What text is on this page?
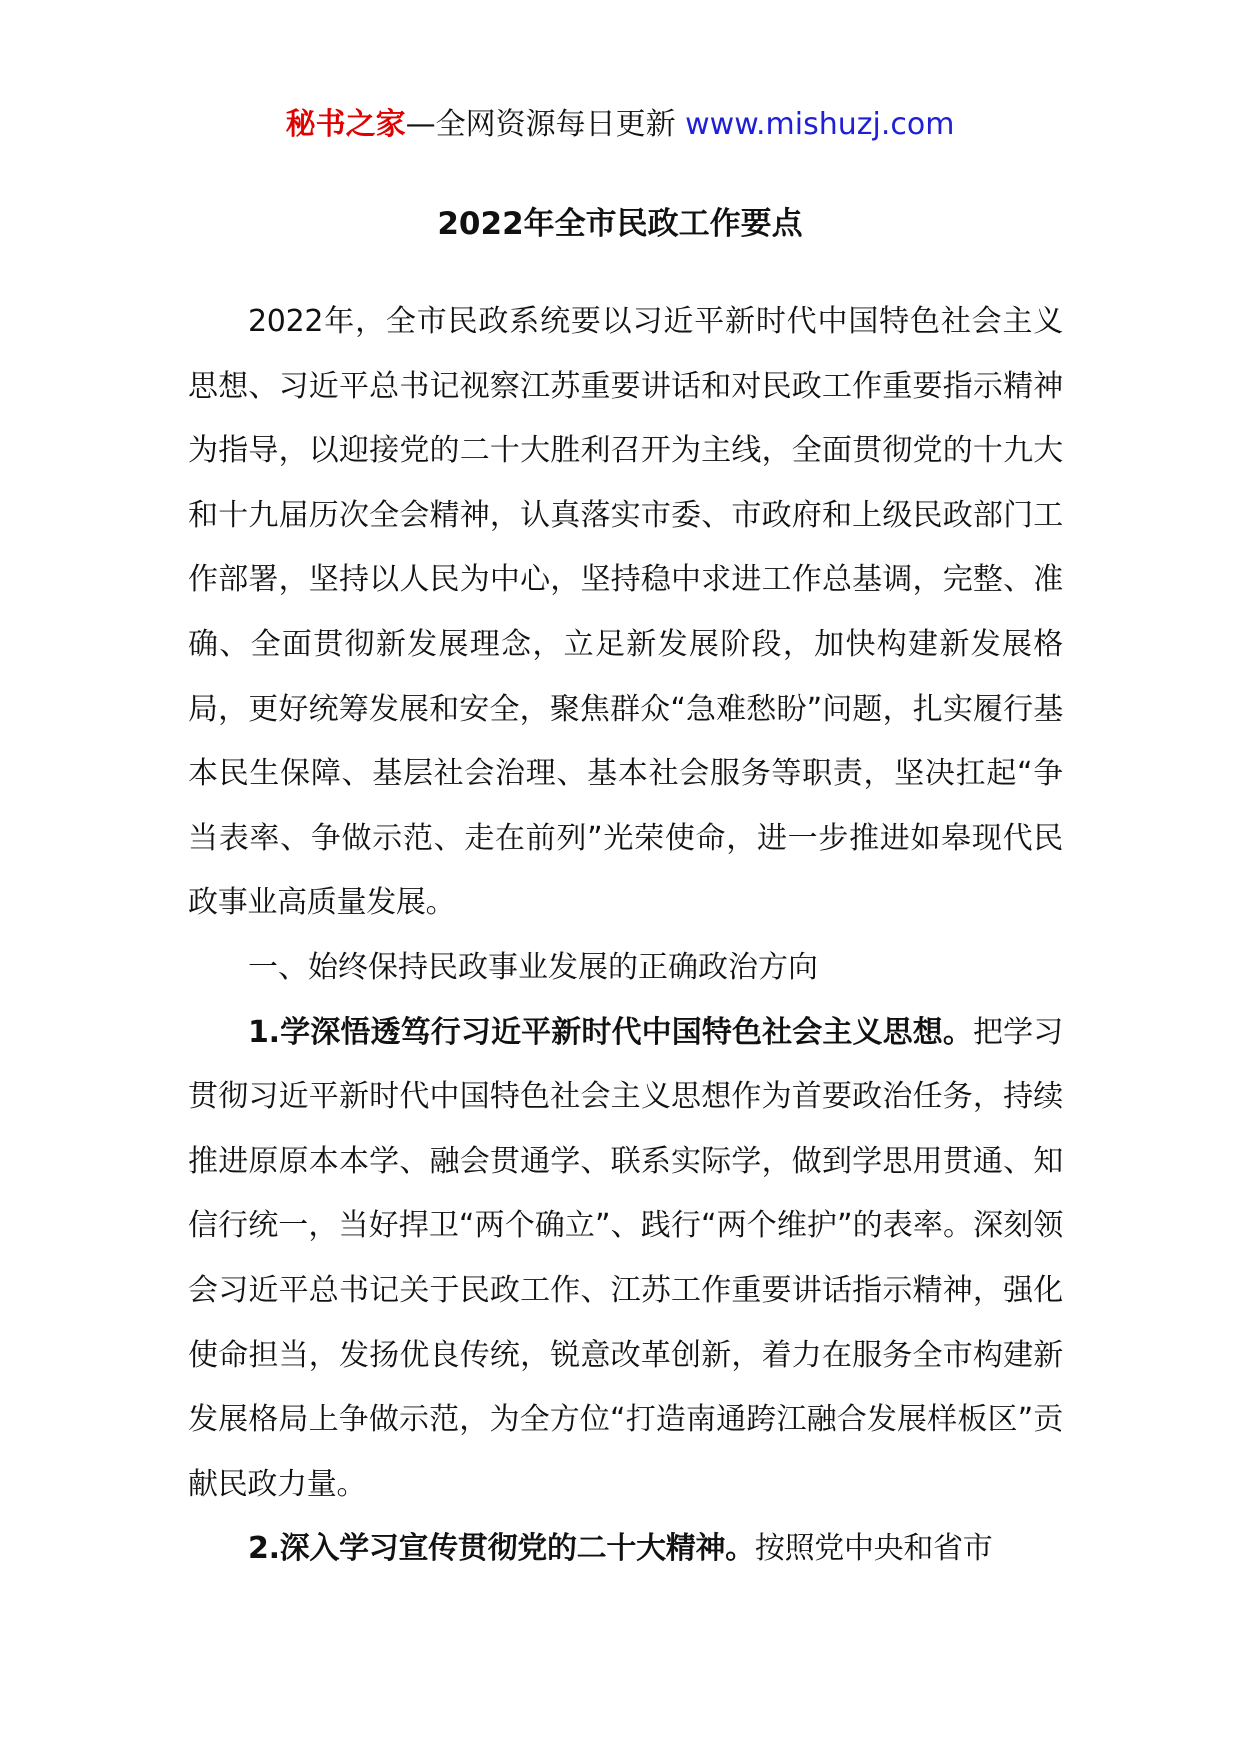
秘书之家—全网资源每日更新 www.mishuzj.com
2022年全市民政工作要点

2022年，全市民政系统要以习近平新时代中国特色社会主义思想、习近平总书记视察江苏重要讲话和对民政工作重要指示精神为指导，以迎接党的二十大胜利召开为主线，全面贯彻党的十九大和十九届历次全会精神，认真落实市委、市政府和上级民政部门工作部署，坚持以人民为中心，坚持稳中求进工作总基调，完整、准确、全面贯彻新发展理念，立足新发展阶段，加快构建新发展格局，更好统筹发展和安全，聚焦群众“急难愁盼”问题，扎实履行基本民生保障、基层社会治理、基本社会服务等职责，坚决扛起“争当表率、争做示范、走在前列”光荣使命，进一步推进如皋现代民政事业高质量发展。

一、始终保持民政事业发展的正确政治方向

1.学深悟透笃行习近平新时代中国特色社会主义思想。把学习贯彻习近平新时代中国特色社会主义思想作为首要政治任务，持续推进原原本本学、融会贯通学、联系实际学，做到学思用贯通、知信行统一，当好捍卫“两个确立”、践行“两个维护”的表率。深刻领会习近平总书记关于民政工作、江苏工作重要讲话指示精神，强化使命担当，发扬优良传统，锐意改革创新，着力在服务全市构建新发展格局上争做示范，为全方位“打造南通跨江融合发展样板区”贡献民政力量。

2.深入学习宣传贯彻党的二十大精神。按照党中央和省市
